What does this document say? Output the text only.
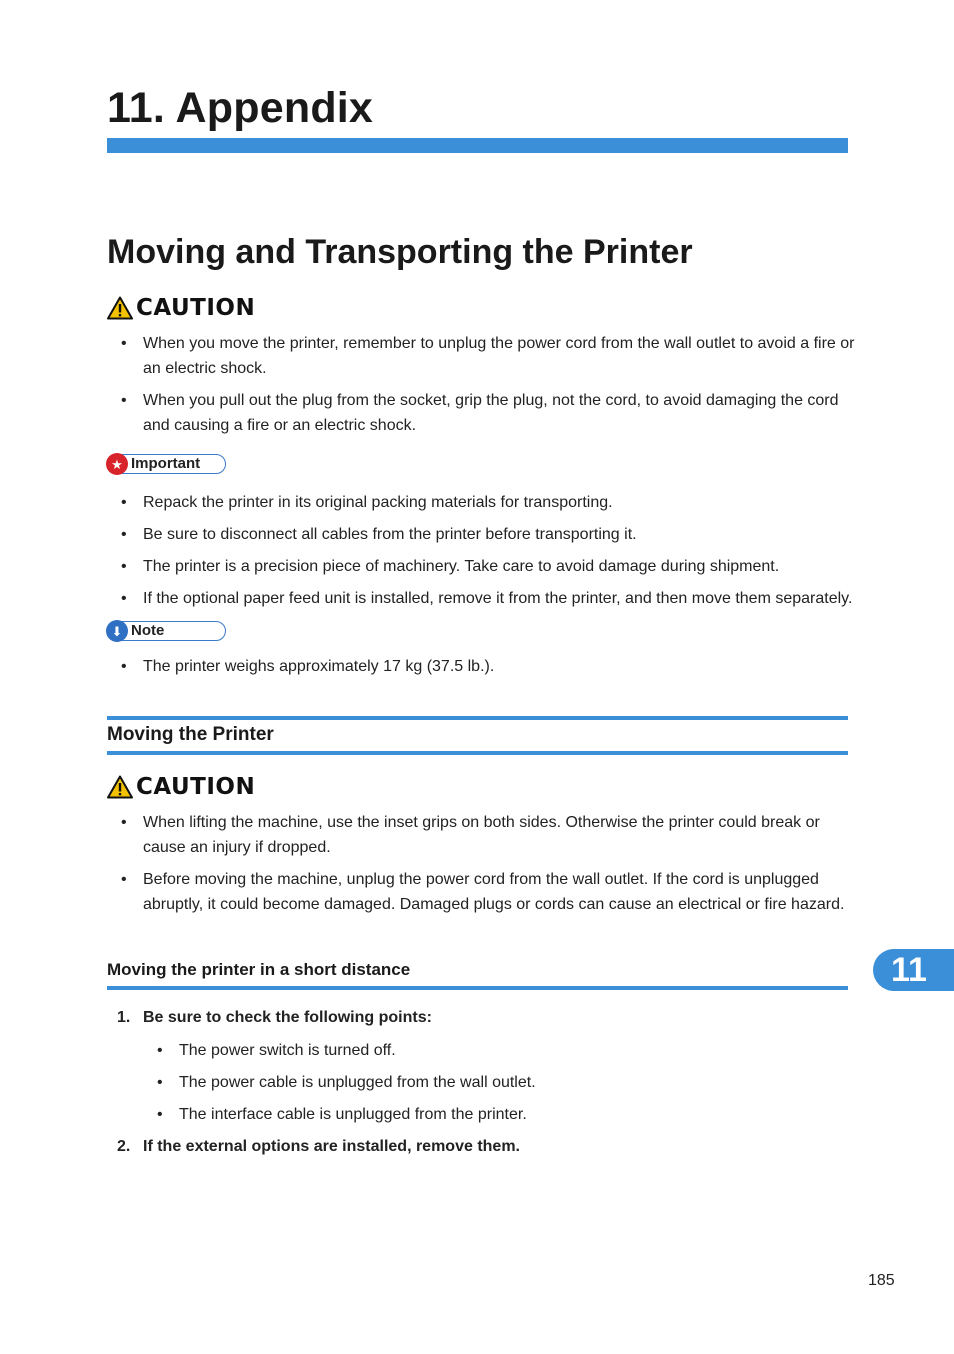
11. Appendix
Moving and Transporting the Printer
CAUTION
• When you move the printer, remember to unplug the power cord from the wall outlet to avoid a fire or an electric shock.
• When you pull out the plug from the socket, grip the plug, not the cord, to avoid damaging the cord and causing a fire or an electric shock.
★ Important
• Repack the printer in its original packing materials for transporting.
• Be sure to disconnect all cables from the printer before transporting it.
• The printer is a precision piece of machinery. Take care to avoid damage during shipment.
• If the optional paper feed unit is installed, remove it from the printer, and then move them separately.
⬇ Note
• The printer weighs approximately 17 kg (37.5 lb.).
Moving the Printer
CAUTION
• When lifting the machine, use the inset grips on both sides. Otherwise the printer could break or cause an injury if dropped.
• Before moving the machine, unplug the power cord from the wall outlet. If the cord is unplugged abruptly, it could become damaged. Damaged plugs or cords can cause an electrical or fire hazard.
Moving the printer in a short distance
1. Be sure to check the following points:
• The power switch is turned off.
• The power cable is unplugged from the wall outlet.
• The interface cable is unplugged from the printer.
2. If the external options are installed, remove them.
11
185
